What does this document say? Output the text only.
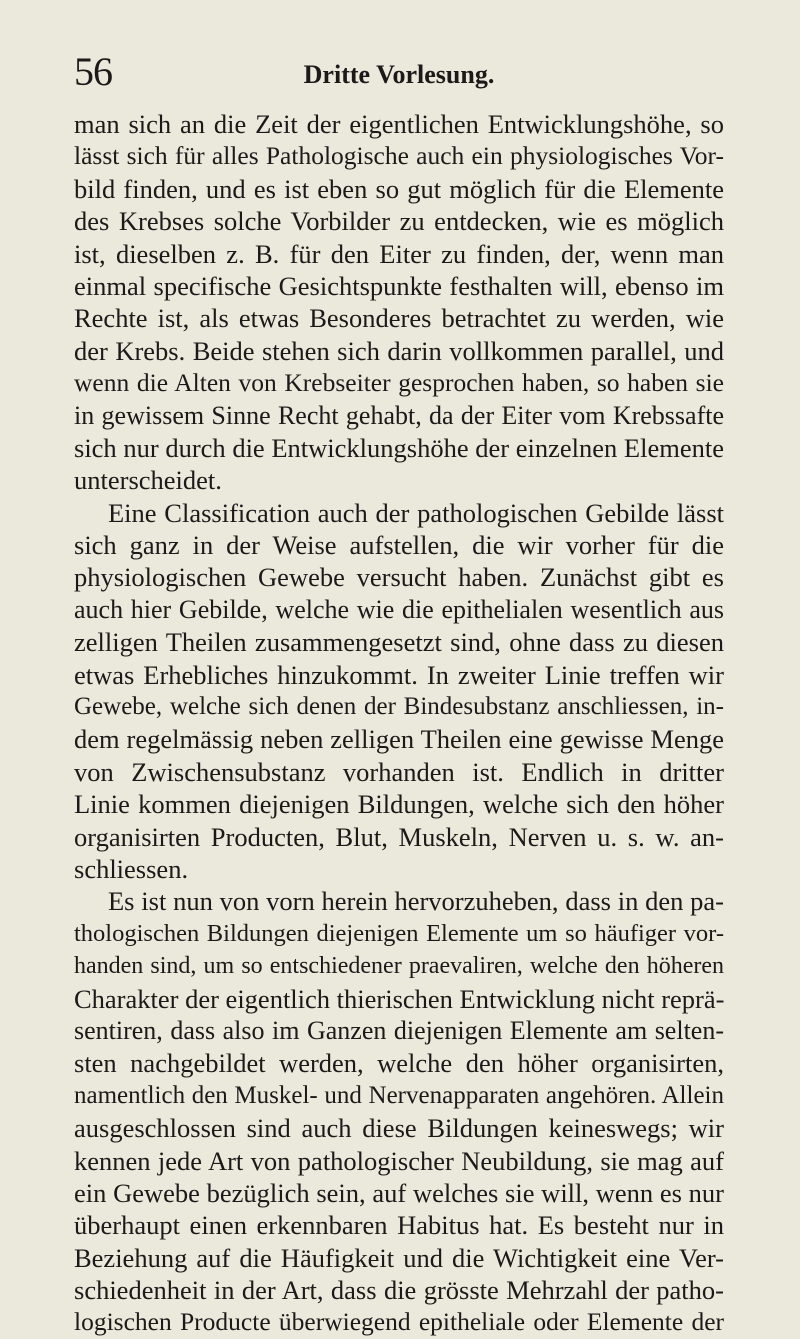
56	Dritte Vorlesung.
man sich an die Zeit der eigentlichen Entwicklungshöhe, so
lässt sich für alles Pathologische auch ein physiologisches Vor-
bild finden, und es ist eben so gut möglich für die Elemente
des Krebses solche Vorbilder zu entdecken, wie es möglich
ist, dieselben z. B. für den Eiter zu finden, der, wenn man
einmal specifische Gesichtspunkte festhalten will, ebenso im
Rechte ist, als etwas Besonderes betrachtet zu werden, wie
der Krebs. Beide stehen sich darin vollkommen parallel, und
wenn die Alten von Krebseiter gesprochen haben, so haben sie
in gewissem Sinne Recht gehabt, da der Eiter vom Krebssafte
sich nur durch die Entwicklungshöhe der einzelnen Elemente
unterscheidet.
Eine Classification auch der pathologischen Gebilde lässt
sich ganz in der Weise aufstellen, die wir vorher für die
physiologischen Gewebe versucht haben. Zunächst gibt es
auch hier Gebilde, welche wie die epithelialen wesentlich aus
zelligen Theilen zusammengesetzt sind, ohne dass zu diesen
etwas Erhebliches hinzukommt. In zweiter Linie treffen wir
Gewebe, welche sich denen der Bindesubstanz anschliessen, in-
dem regelmässig neben zelligen Theilen eine gewisse Menge
von Zwischensubstanz vorhanden ist. Endlich in dritter
Linie kommen diejenigen Bildungen, welche sich den höher
organisirten Producten, Blut, Muskeln, Nerven u. s. w. an-
schliessen.
Es ist nun von vorn herein hervorzuheben, dass in den pa-
thologischen Bildungen diejenigen Elemente um so häufiger vor-
handen sind, um so entschiedener praevaliren, welche den höheren
Charakter der eigentlich thierischen Entwicklung nicht reprä-
sentiren, dass also im Ganzen diejenigen Elemente am selten-
sten nachgebildet werden, welche den höher organisirten,
namentlich den Muskel- und Nervenapparaten angehören. Allein
ausgeschlossen sind auch diese Bildungen keineswegs; wir
kennen jede Art von pathologischer Neubildung, sie mag auf
ein Gewebe bezüglich sein, auf welches sie will, wenn es nur
überhaupt einen erkennbaren Habitus hat. Es besteht nur in
Beziehung auf die Häufigkeit und die Wichtigkeit eine Ver-
schiedenheit in der Art, dass die grösste Mehrzahl der patho-
logischen Producte überwiegend epitheliale oder Elemente der
